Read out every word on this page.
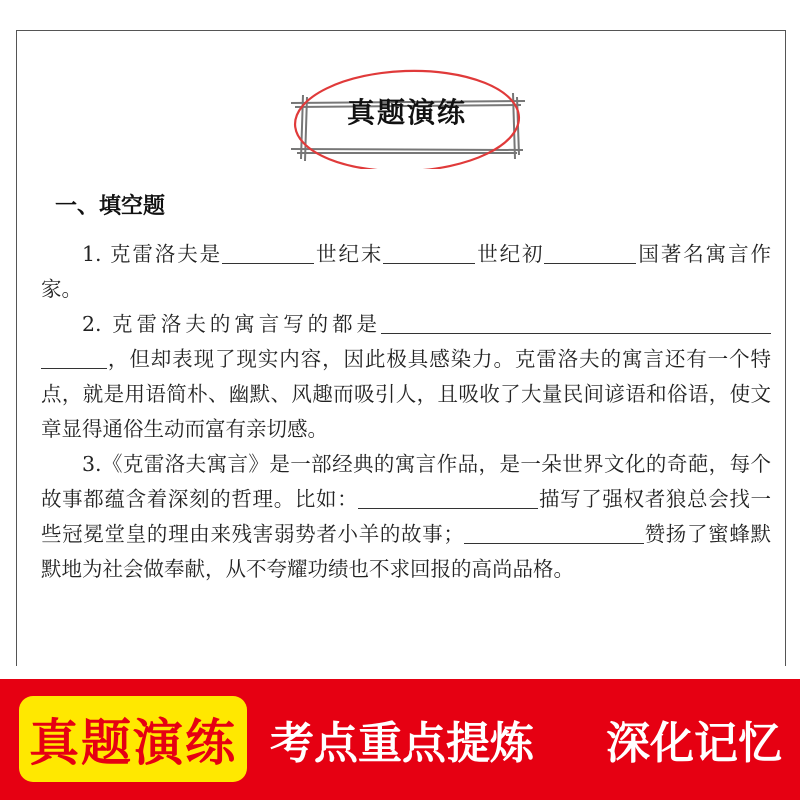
真题演练
一、填空题

1. 克雷洛夫是	世纪末	世纪初	国著名寓言作家。

2. 克雷洛夫的寓言写的都是，但却表现了现实内容，因此极具感染力。克雷洛夫的寓言还有一个特点，就是用语简朴、幽默、风趣而吸引人，且吸收了大量民间谚语和俗语，使文章显得通俗生动而富有亲切感。

3.《克雷洛夫寓言》是一部经典的寓言作品，是一朵世界文化的奇葩，每个故事都蕴含着深刻的哲理。比如：	描写了强权者狼总会找一些冠冕堂皇的理由来残害弱势者小羊的故事；	赞扬了蜜蜂默默地为社会做奉献，从不夸耀功绩也不求回报的高尚品格。

真题演练 考点重点提炼 深化记忆
